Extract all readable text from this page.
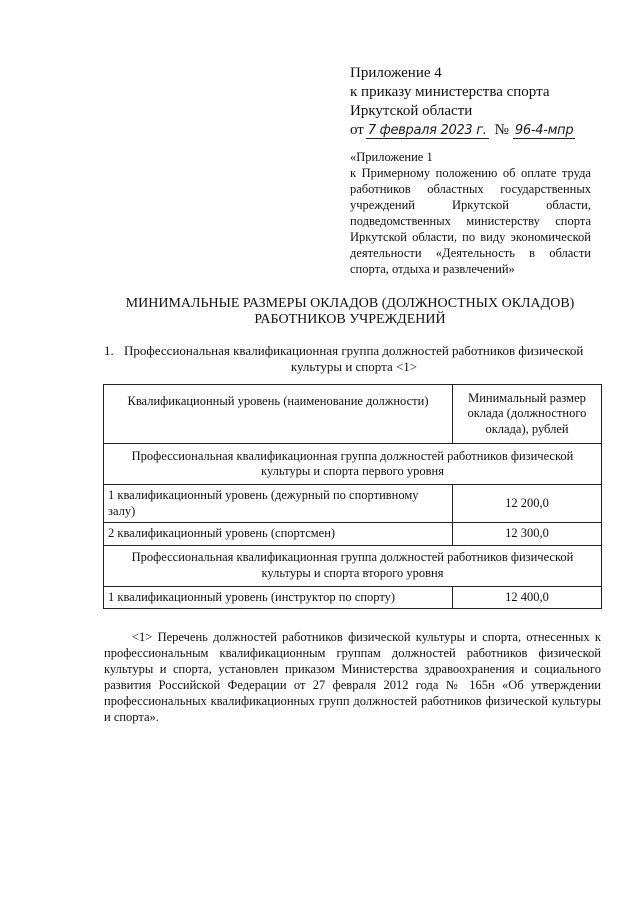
Приложение 4
к приказу министерства спорта
Иркутской области
от 7 февраля 2023 г. № 96-4-мпр
«Приложение 1
к Примерному положению об оплате труда работников областных государственных учреждений Иркутской области, подведомственных министерству спорта Иркутской области, по виду экономической деятельности «Деятельность в области спорта, отдыха и развлечений»
МИНИМАЛЬНЫЕ РАЗМЕРЫ ОКЛАДОВ (ДОЛЖНОСТНЫХ ОКЛАДОВ)
РАБОТНИКОВ УЧРЕЖДЕНИЙ
1. Профессиональная квалификационная группа должностей работников физической
культуры и спорта <1>
Квалификационный уровень (наименование должности)	Минимальный размер оклада (должностного оклада), рублей
Профессиональная квалификационная группа должностей работников физической культуры и спорта первого уровня	
1 квалификационный уровень (дежурный по спортивному залу)	12 200,0
2 квалификационный уровень (спортсмен)	12 300,0
Профессиональная квалификационная группа должностей работников физической культуры и спорта второго уровня	
1 квалификационный уровень (инструктор по спорту)	12 400,0
<1> Перечень должностей работников физической культуры и спорта, отнесенных к профессиональным квалификационным группам должностей работников физической культуры и спорта, установлен приказом Министерства здравоохранения и социального развития Российской Федерации от 27 февраля 2012 года № 165н «Об утверждении профессиональных квалификационных групп должностей работников физической культуры и спорта».
